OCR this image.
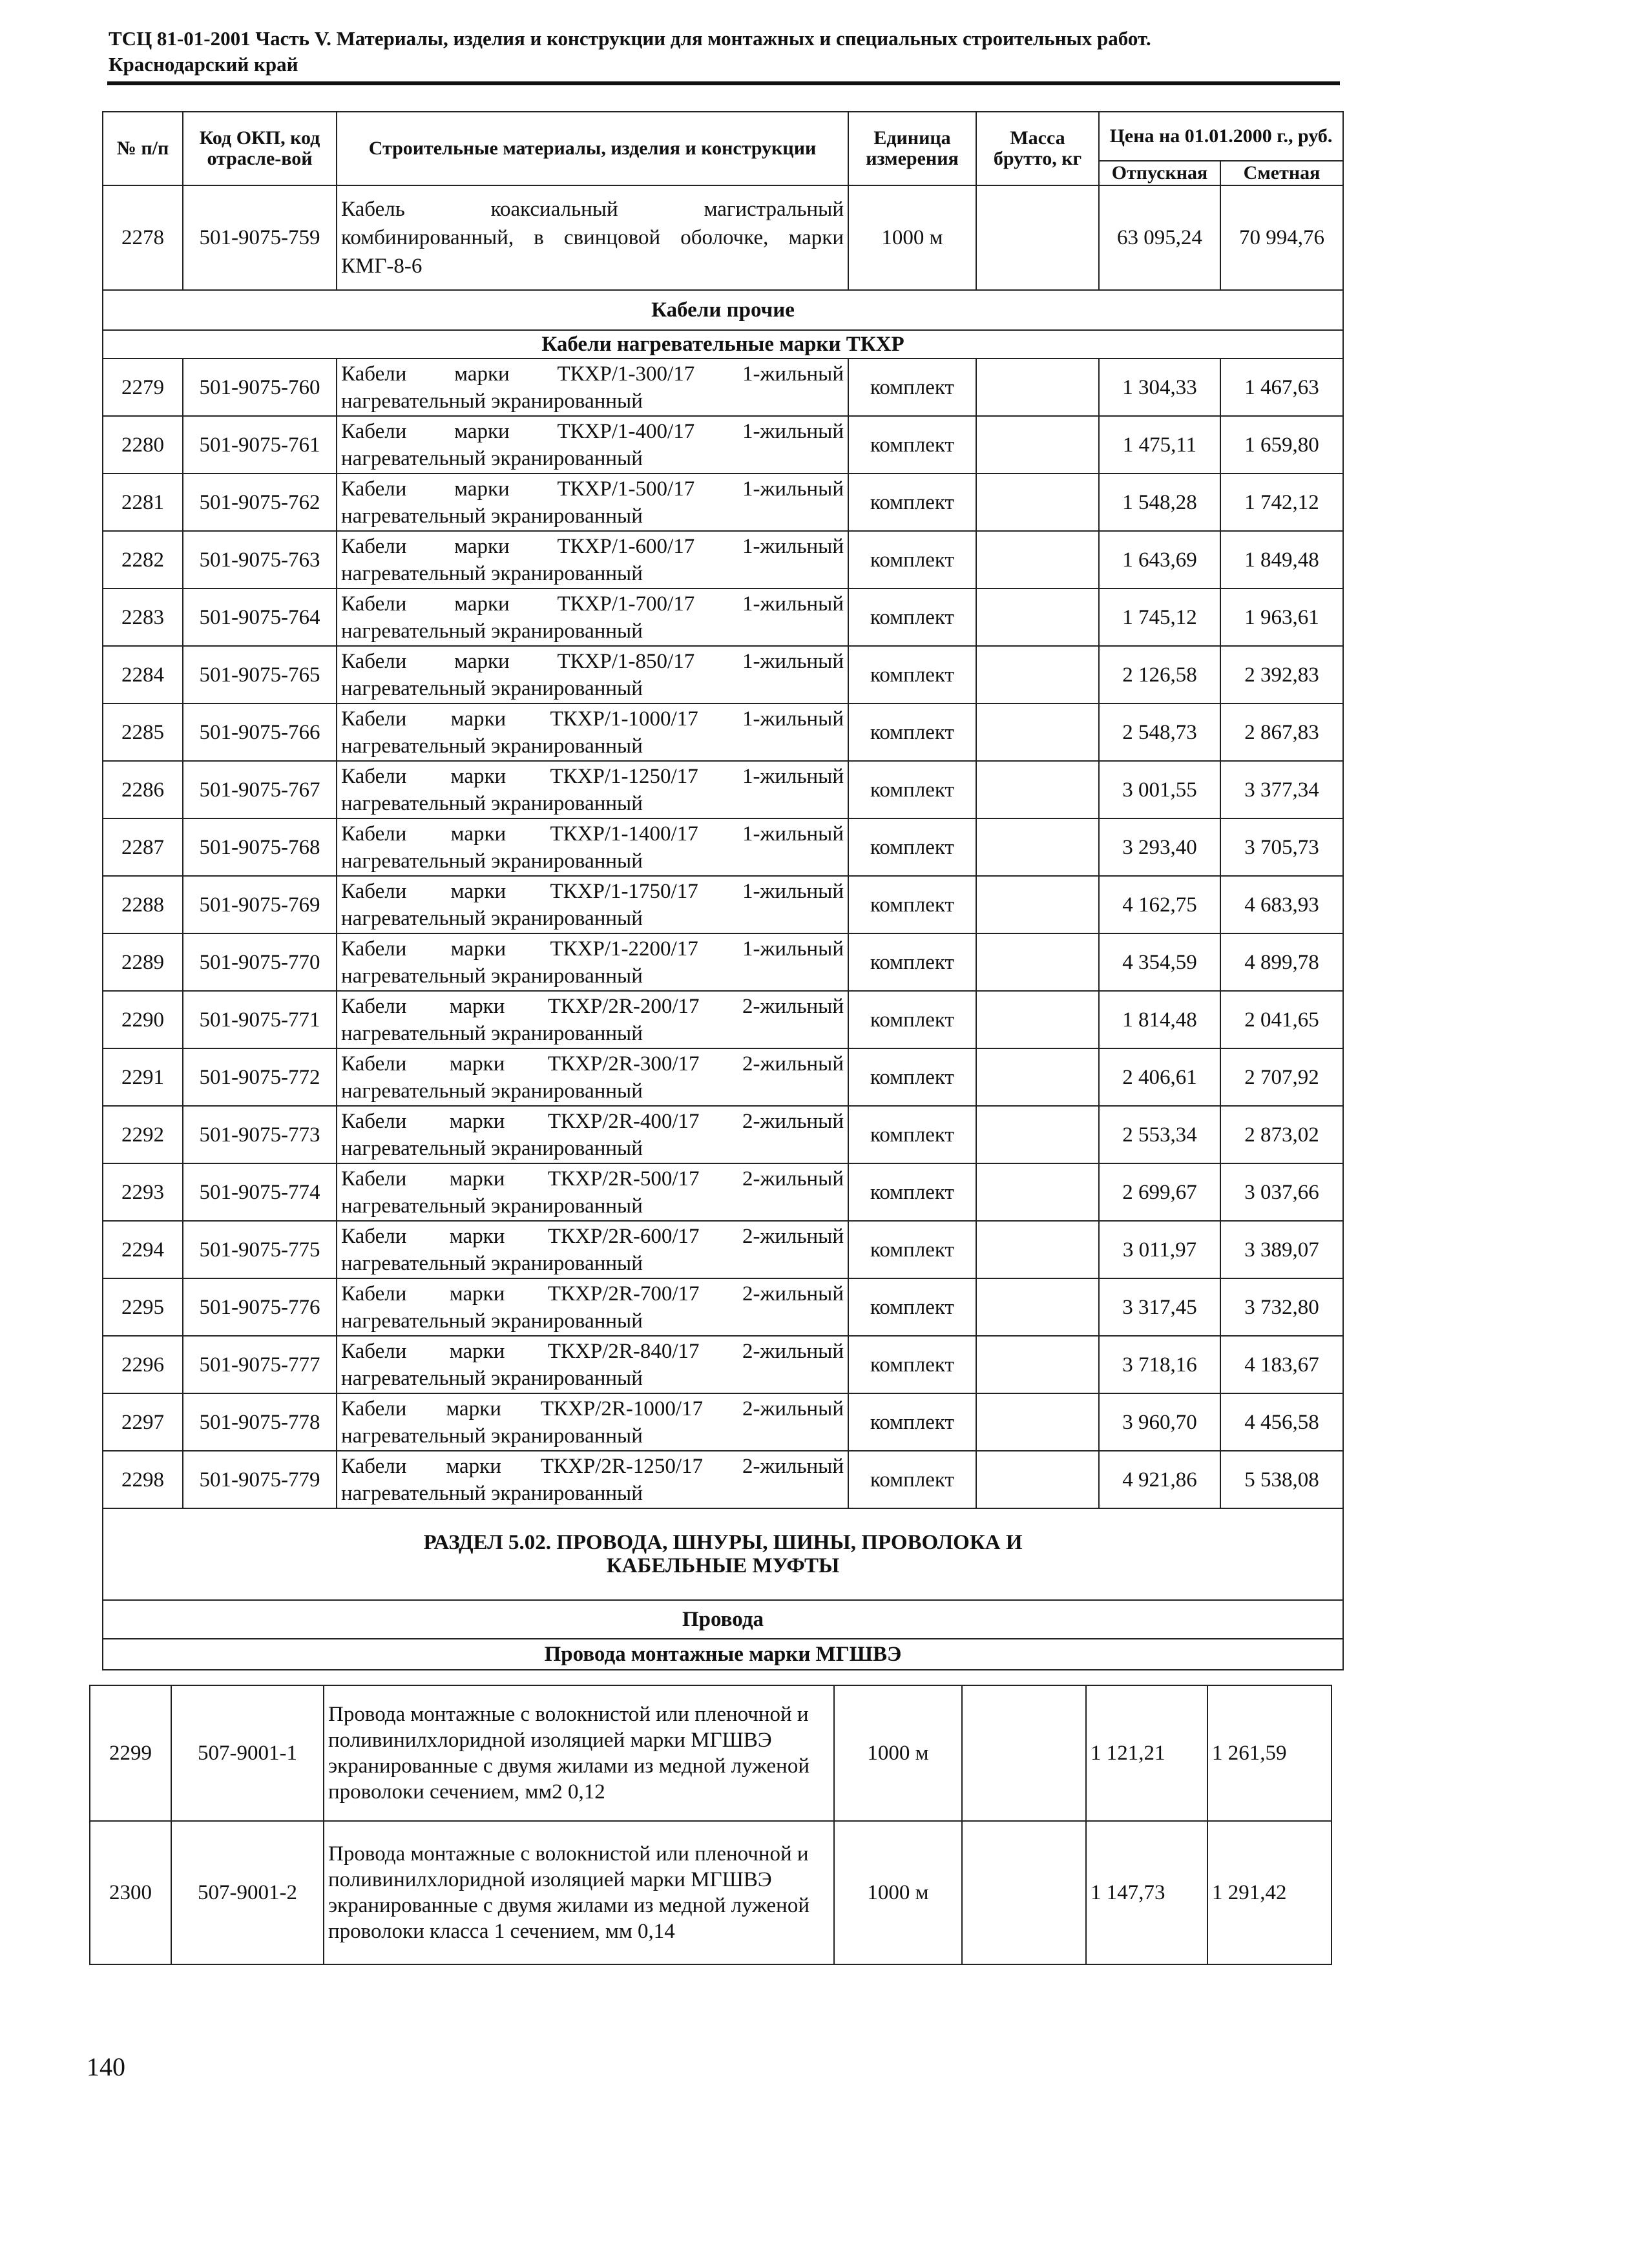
ТСЦ 81-01-2001 Часть V. Материалы, изделия и конструкции для монтажных и специальных строительных работ.
Краснодарский край
№ п/п	Код ОКП, код отрасле-вой	Строительные материалы, изделия и конструкции	Единица измерения	Масса брутто, кг	Цена на 01.01.2000 г., руб.	
					Отпускная	Сметная
2278	501-9075-759	Кабель коаксиальный магистральный комбинированный, в свинцовой оболочке, марки КМГ-8-6	1000 м		63 095,24	70 994,76
Кабели прочие						
Кабели нагревательные марки ТКХР						
2279	501-9075-760	Кабели марки ТКХР/1-300/17 1-жильный нагревательный экранированный	комплект		1 304,33	1 467,63
2280	501-9075-761	Кабели марки ТКХР/1-400/17 1-жильный нагревательный экранированный	комплект		1 475,11	1 659,80
2281	501-9075-762	Кабели марки ТКХР/1-500/17 1-жильный нагревательный экранированный	комплект		1 548,28	1 742,12
2282	501-9075-763	Кабели марки ТКХР/1-600/17 1-жильный нагревательный экранированный	комплект		1 643,69	1 849,48
2283	501-9075-764	Кабели марки ТКХР/1-700/17 1-жильный нагревательный экранированный	комплект		1 745,12	1 963,61
2284	501-9075-765	Кабели марки ТКХР/1-850/17 1-жильный нагревательный экранированный	комплект		2 126,58	2 392,83
2285	501-9075-766	Кабели марки ТКХР/1-1000/17 1-жильный нагревательный экранированный	комплект		2 548,73	2 867,83
2286	501-9075-767	Кабели марки ТКХР/1-1250/17 1-жильный нагревательный экранированный	комплект		3 001,55	3 377,34
2287	501-9075-768	Кабели марки ТКХР/1-1400/17 1-жильный нагревательный экранированный	комплект		3 293,40	3 705,73
2288	501-9075-769	Кабели марки ТКХР/1-1750/17 1-жильный нагревательный экранированный	комплект		4 162,75	4 683,93
2289	501-9075-770	Кабели марки ТКХР/1-2200/17 1-жильный нагревательный экранированный	комплект		4 354,59	4 899,78
2290	501-9075-771	Кабели марки ТКХР/2R-200/17 2-жильный нагревательный экранированный	комплект		1 814,48	2 041,65
2291	501-9075-772	Кабели марки ТКХР/2R-300/17 2-жильный нагревательный экранированный	комплект		2 406,61	2 707,92
2292	501-9075-773	Кабели марки ТКХР/2R-400/17 2-жильный нагревательный экранированный	комплект		2 553,34	2 873,02
2293	501-9075-774	Кабели марки ТКХР/2R-500/17 2-жильный нагревательный экранированный	комплект		2 699,67	3 037,66
2294	501-9075-775	Кабели марки ТКХР/2R-600/17 2-жильный нагревательный экранированный	комплект		3 011,97	3 389,07
2295	501-9075-776	Кабели марки ТКХР/2R-700/17 2-жильный нагревательный экранированный	комплект		3 317,45	3 732,80
2296	501-9075-777	Кабели марки ТКХР/2R-840/17 2-жильный нагревательный экранированный	комплект		3 718,16	4 183,67
2297	501-9075-778	Кабели марки ТКХР/2R-1000/17 2-жильный нагревательный экранированный	комплект		3 960,70	4 456,58
2298	501-9075-779	Кабели марки ТКХР/2R-1250/17 2-жильный нагревательный экранированный	комплект		4 921,86	5 538,08
РАЗДЕЛ 5.02. ПРОВОДА, ШНУРЫ, ШИНЫ, ПРОВОЛОКА И
КАБЕЛЬНЫЕ МУФТЫ						
Провода						
Провода монтажные марки МГШВЭ						
2299	507-9001-1	Провода монтажные с волокнистой или пленочной и поливинилхлоридной изоляцией марки МГШВЭ экранированные с двумя жилами из медной луженой проволоки сечением, мм2 0,12	1000 м		1 121,21	1 261,59
2300	507-9001-2	Провода монтажные с волокнистой или пленочной и поливинилхлоридной изоляцией марки МГШВЭ экранированные с двумя жилами из медной луженой проволоки класса 1 сечением, мм 0,14	1000 м		1 147,73	1 291,42
140
